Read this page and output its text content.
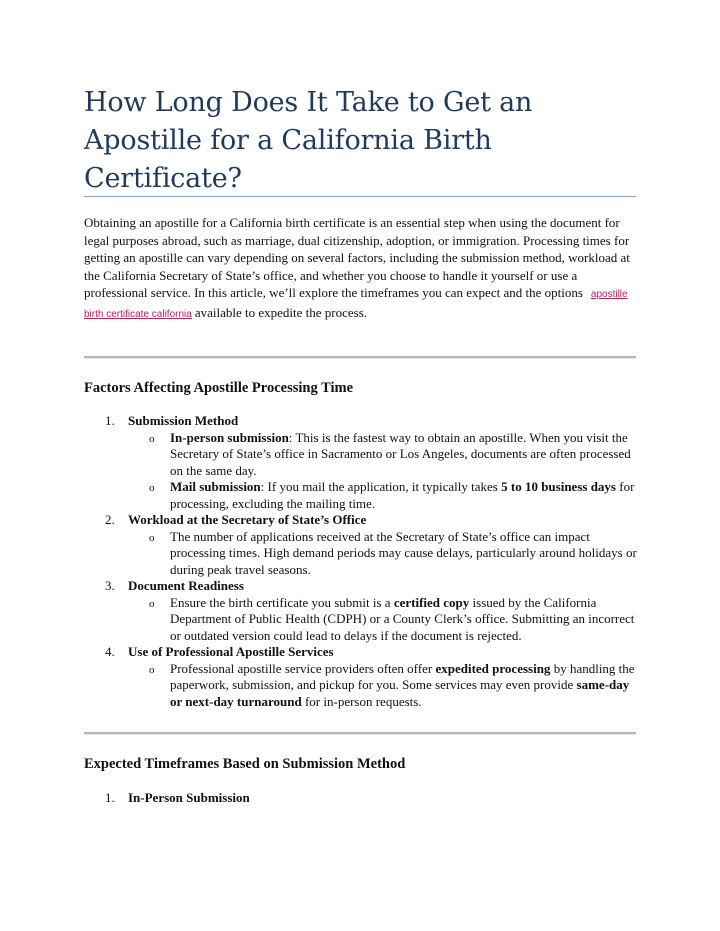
How Long Does It Take to Get an Apostille for a California Birth Certificate?

Obtaining an apostille for a California birth certificate is an essential step when using the document for legal purposes abroad, such as marriage, dual citizenship, adoption, or immigration. Processing times for getting an apostille can vary depending on several factors, including the submission method, workload at the California Secretary of State’s office, and whether you choose to handle it yourself or use a professional service. In this article, we’ll explore the timeframes you can expect and the options apostille birth certificate california available to expedite the process.

Factors Affecting Apostille Processing Time
1. Submission Method
o In-person submission: This is the fastest way to obtain an apostille. When you visit the Secretary of State’s office in Sacramento or Los Angeles, documents are often processed on the same day.
o Mail submission: If you mail the application, it typically takes 5 to 10 business days for processing, excluding the mailing time.
2. Workload at the Secretary of State’s Office
o The number of applications received at the Secretary of State’s office can impact processing times. High demand periods may cause delays, particularly around holidays or during peak travel seasons.
3. Document Readiness
o Ensure the birth certificate you submit is a certified copy issued by the California Department of Public Health (CDPH) or a County Clerk’s office. Submitting an incorrect or outdated version could lead to delays if the document is rejected.
4. Use of Professional Apostille Services
o Professional apostille service providers often offer expedited processing by handling the paperwork, submission, and pickup for you. Some services may even provide same-day or next-day turnaround for in-person requests.
Expected Timeframes Based on Submission Method
1. In-Person Submission
